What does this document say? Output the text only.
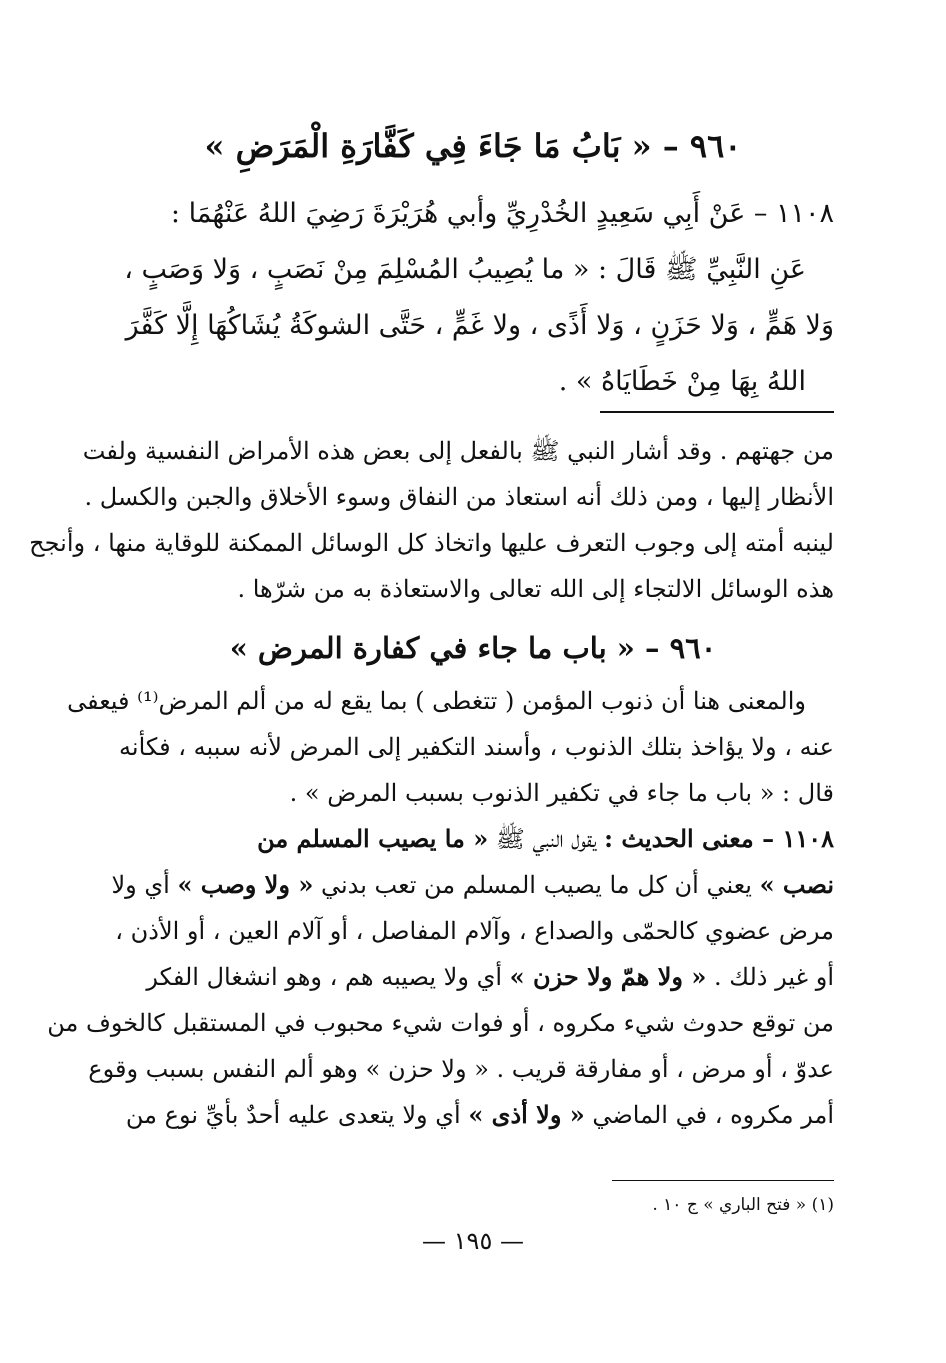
٩٦٠ – « بَابُ مَا جَاءَ فِي كَفَّارَةِ الْمَرَضِ »
١١٠٨ – عَنْ أَبِي سَعِيدٍ الخُدْرِيِّ وأبي هُرَيْرَةَ رَضِيَ اللهُ عَنْهُمَا :
عَنِ النَّبِيِّ ﷺ قَالَ : « ما يُصِيبُ المُسْلِمَ مِنْ نَصَبٍ ، وَلا وَصَبٍ ،
وَلا هَمٍّ ، وَلا حَزَنٍ ، وَلا أَذًى ، ولا غَمٍّ ، حَتَّى الشوكَةُ يُشَاكُهَا إِلَّا كَفَّرَ
اللهُ بِهَا مِنْ خَطَايَاهُ » .
من جهتهم . وقد أشار النبي ﷺ بالفعل إلى بعض هذه الأمراض النفسية ولفت
الأنظار إليها ، ومن ذلك أنه استعاذ من النفاق وسوء الأخلاق والجبن والكسل .
لينبه أمته إلى وجوب التعرف عليها واتخاذ كل الوسائل الممكنة للوقاية منها ، وأنجح
هذه الوسائل الالتجاء إلى الله تعالى والاستعاذة به من شرّها .
٩٦٠ – « باب ما جاء في كفارة المرض »
والمعنى هنا أن ذنوب المؤمن ( تتغطى ) بما يقع له من ألم المرض⁽¹⁾ فيعفى
عنه ، ولا يؤاخذ بتلك الذنوب ، وأسند التكفير إلى المرض لأنه سببه ، فكأنه
قال : « باب ما جاء في تكفير الذنوب بسبب المرض » .
١١٠٨ – معنى الحديث : يقول النبي ﷺ « ما يصيب المسلم من
نصب » يعني أن كل ما يصيب المسلم من تعب بدني « ولا وصب » أي ولا
مرض عضوي كالحمّى والصداع ، وآلام المفاصل ، أو آلام العين ، أو الأذن ،
أو غير ذلك . « ولا همّ ولا حزن » أي ولا يصيبه هم ، وهو انشغال الفكر
من توقع حدوث شيء مكروه ، أو فوات شيء محبوب في المستقبل كالخوف من
عدوّ ، أو مرض ، أو مفارقة قريب . « ولا حزن » وهو ألم النفس بسبب وقوع
أمر مكروه ، في الماضي « ولا أذى » أي ولا يتعدى عليه أحدٌ بأيِّ نوع من
(١) « فتح الباري » ج ١٠ .
— ١٩٥ —
